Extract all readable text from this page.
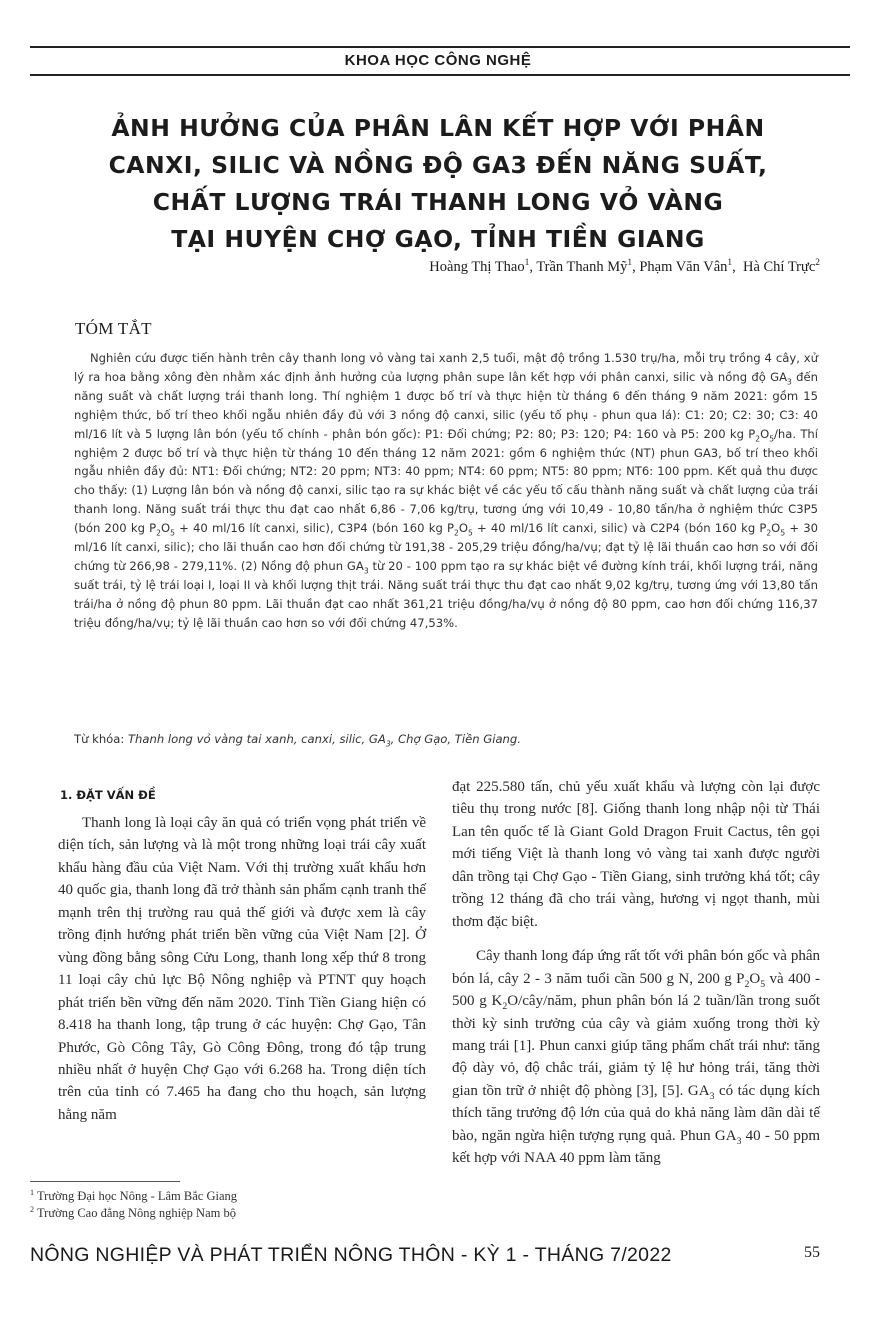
KHOA HỌC CÔNG NGHỆ
ẢNH HƯỞNG CỦA PHÂN LÂN KẾT HỢP VỚI PHÂN
CANXI, SILIC VÀ NỒNG ĐỘ GA3 ĐẾN NĂNG SUẤT,
CHẤT LƯỢNG TRÁI THANH LONG VỎ VÀNG
TẠI HUYỆN CHỢ GẠO, TỈNH TIỀN GIANG
Hoàng Thị Thao$^1$, Trần Thanh Mỹ$^1$, Phạm Văn Vân$^1$,  Hà Chí Trực$^2$
TÓM TẮT
Nghiên cứu được tiến hành trên cây thanh long vỏ vàng tai xanh 2,5 tuổi, mật độ trồng 1.530 trụ/ha, mỗi trụ trồng 4 cây, xử lý ra hoa bằng xông đèn nhằm xác định ảnh hưởng của lượng phân supe lân kết hợp với phân canxi, silic và nồng độ $GA_3$ đến năng suất và chất lượng trái thanh long. Thí nghiệm 1 được bố trí và thực hiện từ tháng 6 đến tháng 9 năm 2021: gồm 15 nghiệm thức, bố trí theo khối ngẫu nhiên đầy đủ với 3 nồng độ canxi, silic (yếu tố phụ - phun qua lá): C1: 20; C2: 30; C3: 40 ml/16 lít và 5 lượng lân bón (yếu tố chính - phân bón gốc): P1: Đối chứng; P2: 80; P3: 120; P4: 160 và P5: 200 kg $P_2O_5/ha$. Thí nghiệm 2 được bố trí và thực hiện từ tháng 10 đến tháng 12 năm 2021: gồm 6 nghiệm thức (NT) phun GA3, bố trí theo khối ngẫu nhiên đầy đủ: NT1: Đối chứng; NT2: 20 ppm; NT3: 40 ppm; NT4: 60 ppm; NT5: 80 ppm; NT6: 100 ppm. Kết quả thu được cho thấy: (1) Lượng lân bón và nồng độ canxi, silic tạo ra sự khác biệt về các yếu tố cấu thành năng suất và chất lượng của trái thanh long. Năng suất trái thực thu đạt cao nhất 6,86 - 7,06 kg/trụ, tương ứng với 10,49 - 10,80 tấn/ha ở nghiệm thức C3P5 (bón 200 kg $P_2O_5 + 40$ ml/16 lít canxi, silic), C3P4 (bón 160 kg $P_2O_5 + 40$ ml/16 lít canxi, silic) và C2P4 (bón 160 kg $P_2O_5 + 30$ ml/16 lít canxi, silic); cho lãi thuần cao hơn đối chứng từ 191,38 - 205,29 triệu đồng/ha/vụ; đạt tỷ lệ lãi thuần cao hơn so với đối chứng từ 266,98 - 279,11%. (2) Nồng độ phun $GA_3$ từ 20 - 100 ppm tạo ra sự khác biệt về đường kính trái, khối lượng trái, năng suất trái, tỷ lệ trái loại I, loại II và khối lượng thịt trái. Năng suất trái thực thu đạt cao nhất 9,02 kg/trụ, tương ứng với 13,80 tấn trái/ha ở nồng độ phun 80 ppm. Lãi thuần đạt cao nhất 361,21 triệu đồng/ha/vụ ở nồng độ 80 ppm, cao hơn đối chứng 116,37 triệu đồng/ha/vụ; tỷ lệ lãi thuần cao hơn so với đối chứng 47,53%.
Từ khóa: Thanh long vỏ vàng tai xanh, canxi, silic, $GA_3$, Chợ Gạo, Tiền Giang.
1. ĐẶT VẤN ĐỀ

Thanh long là loại cây ăn quả có triển vọng phát triển về diện tích, sản lượng và là một trong những loại trái cây xuất khẩu hàng đầu của Việt Nam. Với thị trường xuất khẩu hơn 40 quốc gia, thanh long đã trở thành sản phẩm cạnh tranh thế mạnh trên thị trường rau quả thế giới và được xem là cây trồng định hướng phát triển bền vững của Việt Nam [2]. Ở vùng đồng bằng sông Cửu Long, thanh long xếp thứ 8 trong 11 loại cây chủ lực Bộ Nông nghiệp và PTNT quy hoạch phát triển bền vững đến năm 2020. Tỉnh Tiền Giang hiện có 8.418 ha thanh long, tập trung ở các huyện: Chợ Gạo, Tân Phước, Gò Công Tây, Gò Công Đông, trong đó tập trung nhiều nhất ở huyện Chợ Gạo với 6.268 ha. Trong diện tích trên của tỉnh có 7.465 ha đang cho thu hoạch, sản lượng hằng năm

đạt 225.580 tấn, chủ yếu xuất khẩu và lượng còn lại được tiêu thụ trong nước [8]. Giống thanh long nhập nội từ Thái Lan tên quốc tế là Giant Gold Dragon Fruit Cactus, tên gọi mới tiếng Việt là thanh long vỏ vàng tai xanh được người dân trồng tại Chợ Gạo - Tiền Giang, sinh trưởng khá tốt; cây trồng 12 tháng đã cho trái vàng, hương vị ngọt thanh, mùi thơm đặc biệt.

Cây thanh long đáp ứng rất tốt với phân bón gốc và phân bón lá, cây 2 - 3 năm tuổi cần 500 g N, 200 g $P_2O_5$ và 400 - 500 g $K_2O/cây$/năm, phun phân bón lá 2 tuần/lần trong suốt thời kỳ sinh trưởng của cây và giảm xuống trong thời kỳ mang trái [1]. Phun canxi giúp tăng phẩm chất trái như: tăng độ dày vỏ, độ chắc trái, giảm tỷ lệ hư hỏng trái, tăng thời gian tồn trữ ở nhiệt độ phòng [3], [5]. $GA_3$ có tác dụng kích thích tăng trưởng độ lớn của quả do khả năng làm dãn dài tế bào, ngăn ngừa hiện tượng rụng quả. Phun $GA_3$ 40 - 50 ppm kết hợp với NAA 40 ppm làm tăng

$^1$ Trường Đại học Nông - Lâm Bắc Giang
$^2$ Trường Cao đẳng Nông nghiệp Nam bộ
NÔNG NGHIỆP VÀ PHÁT TRIỂN NÔNG THÔN - KỲ 1 - THÁNG 7/2022	55
